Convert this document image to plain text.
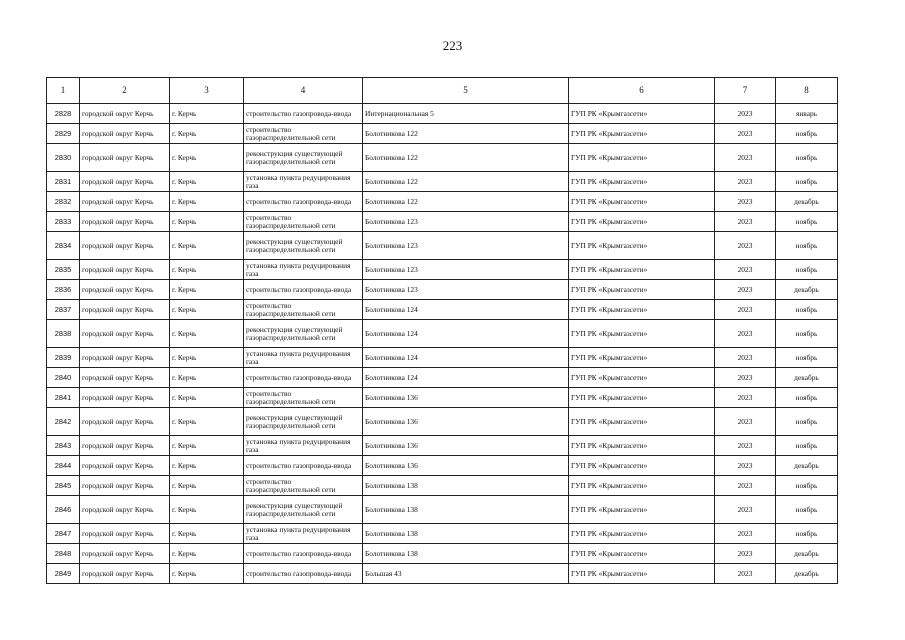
223
1	2	3	4	5	6	7	8
2828	городской округ Керчь	г. Керчь	строительство газопровода-ввода	Интернациональная 5	ГУП РК «Крымгазсети»	2023	январь
2829	городской округ Керчь	г. Керчь	строительство газораспределительной сети	Болотникова 122	ГУП РК «Крымгазсети»	2023	ноябрь
2830	городской округ Керчь	г. Керчь	реконструкция существующей газораспределительной сети	Болотникова 122	ГУП РК «Крымгазсети»	2023	ноябрь
2831	городской округ Керчь	г. Керчь	установка пункта редуцирования газа	Болотникова 122	ГУП РК «Крымгазсети»	2023	ноябрь
2832	городской округ Керчь	г. Керчь	строительство газопровода-ввода	Болотникова 122	ГУП РК «Крымгазсети»	2023	декабрь
2833	городской округ Керчь	г. Керчь	строительство газораспределительной сети	Болотникова 123	ГУП РК «Крымгазсети»	2023	ноябрь
2834	городской округ Керчь	г. Керчь	реконструкция существующей газораспределительной сети	Болотникова 123	ГУП РК «Крымгазсети»	2023	ноябрь
2835	городской округ Керчь	г. Керчь	установка пункта редуцирования газа	Болотникова 123	ГУП РК «Крымгазсети»	2023	ноябрь
2836	городской округ Керчь	г. Керчь	строительство газопровода-ввода	Болотникова 123	ГУП РК «Крымгазсети»	2023	декабрь
2837	городской округ Керчь	г. Керчь	строительство газораспределительной сети	Болотникова 124	ГУП РК «Крымгазсети»	2023	ноябрь
2838	городской округ Керчь	г. Керчь	реконструкция существующей газораспределительной сети	Болотникова 124	ГУП РК «Крымгазсети»	2023	ноябрь
2839	городской округ Керчь	г. Керчь	установка пункта редуцирования газа	Болотникова 124	ГУП РК «Крымгазсети»	2023	ноябрь
2840	городской округ Керчь	г. Керчь	строительство газопровода-ввода	Болотникова 124	ГУП РК «Крымгазсети»	2023	декабрь
2841	городской округ Керчь	г. Керчь	строительство газораспределительной сети	Болотникова 136	ГУП РК «Крымгазсети»	2023	ноябрь
2842	городской округ Керчь	г. Керчь	реконструкция существующей газораспределительной сети	Болотникова 136	ГУП РК «Крымгазсети»	2023	ноябрь
2843	городской округ Керчь	г. Керчь	установка пункта редуцирования газа	Болотникова 136	ГУП РК «Крымгазсети»	2023	ноябрь
2844	городской округ Керчь	г. Керчь	строительство газопровода-ввода	Болотникова 136	ГУП РК «Крымгазсети»	2023	декабрь
2845	городской округ Керчь	г. Керчь	строительство газораспределительной сети	Болотникова 138	ГУП РК «Крымгазсети»	2023	ноябрь
2846	городской округ Керчь	г. Керчь	реконструкция существующей газораспределительной сети	Болотникова 138	ГУП РК «Крымгазсети»	2023	ноябрь
2847	городской округ Керчь	г. Керчь	установка пункта редуцирования газа	Болотникова 138	ГУП РК «Крымгазсети»	2023	ноябрь
2848	городской округ Керчь	г. Керчь	строительство газопровода-ввода	Болотникова 138	ГУП РК «Крымгазсети»	2023	декабрь
2849	городской округ Керчь	г. Керчь	строительство газопровода-ввода	Большая 43	ГУП РК «Крымгазсети»	2023	декабрь
